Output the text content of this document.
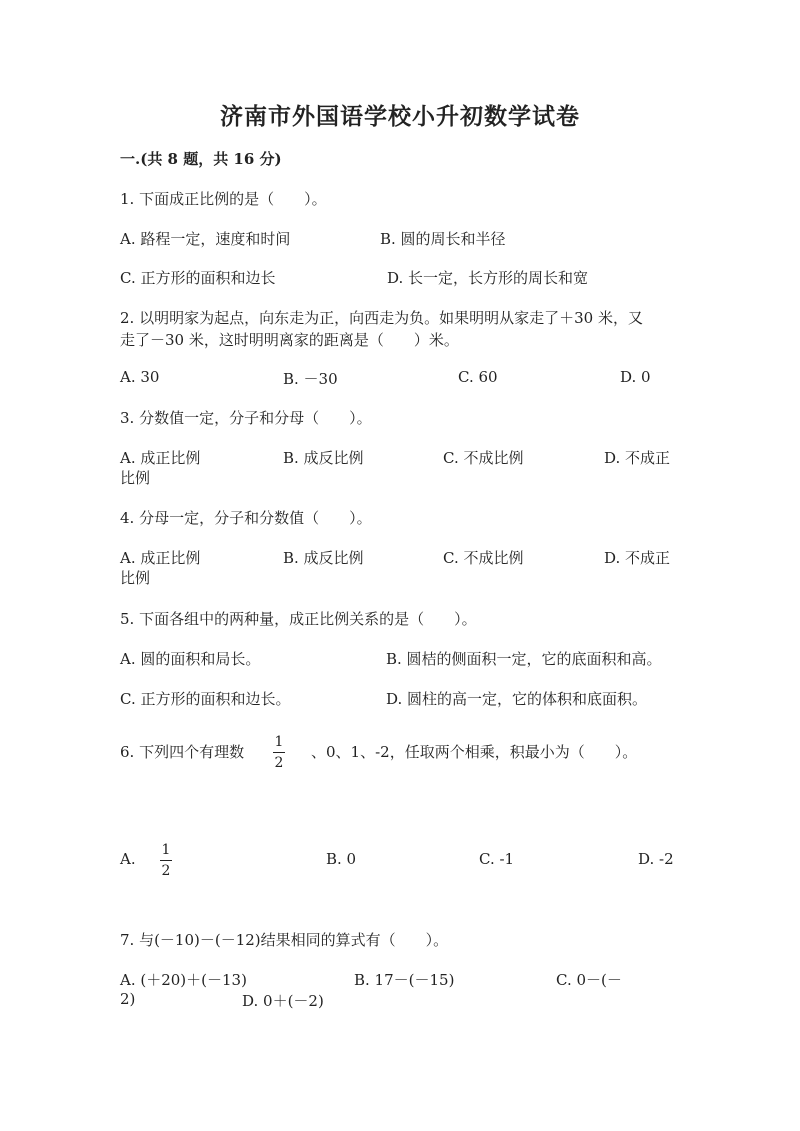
济南市外国语学校小升初数学试卷
一.(共 8 题，共 16 分)
1. 下面成正比例的是（　　）。
A. 路程一定，速度和时间	B. 圆的周长和半径
C. 正方形的面积和边长	D. 长一定，长方形的周长和宽
2. 以明明家为起点，向东走为正，向西走为负。如果明明从家走了＋30 米，又
走了－30 米，这时明明离家的距离是（　　）米。
A. 30	B. －30	C. 60	D. 0
3. 分数值一定，分子和分母（　　）。
A. 成正比例	B. 成反比例	C. 不成比例	D. 不成正
比例
4. 分母一定，分子和分数值（　　）。
A. 成正比例	B. 成反比例	C. 不成比例	D. 不成正
比例
5. 下面各组中的两种量，成正比例关系的是（　　）。
A. 圆的面积和局长。	B. 圆桔的侧面积一定，它的底面积和高。
C. 正方形的面积和边长。	D. 圆柱的高一定，它的体积和底面积。
6. 下列四个有理数
1
2
、0、1、-2，任取两个相乘，积最小为（　　）。
A. 1
2
B. 0	C. -1	D. -2
7. 与(－10)－(－12)结果相同的算式有（　　）。
A. (＋20)＋(－13)	B. 17－(－15)	C. 0－(－
2)	D. 0＋(－2)
